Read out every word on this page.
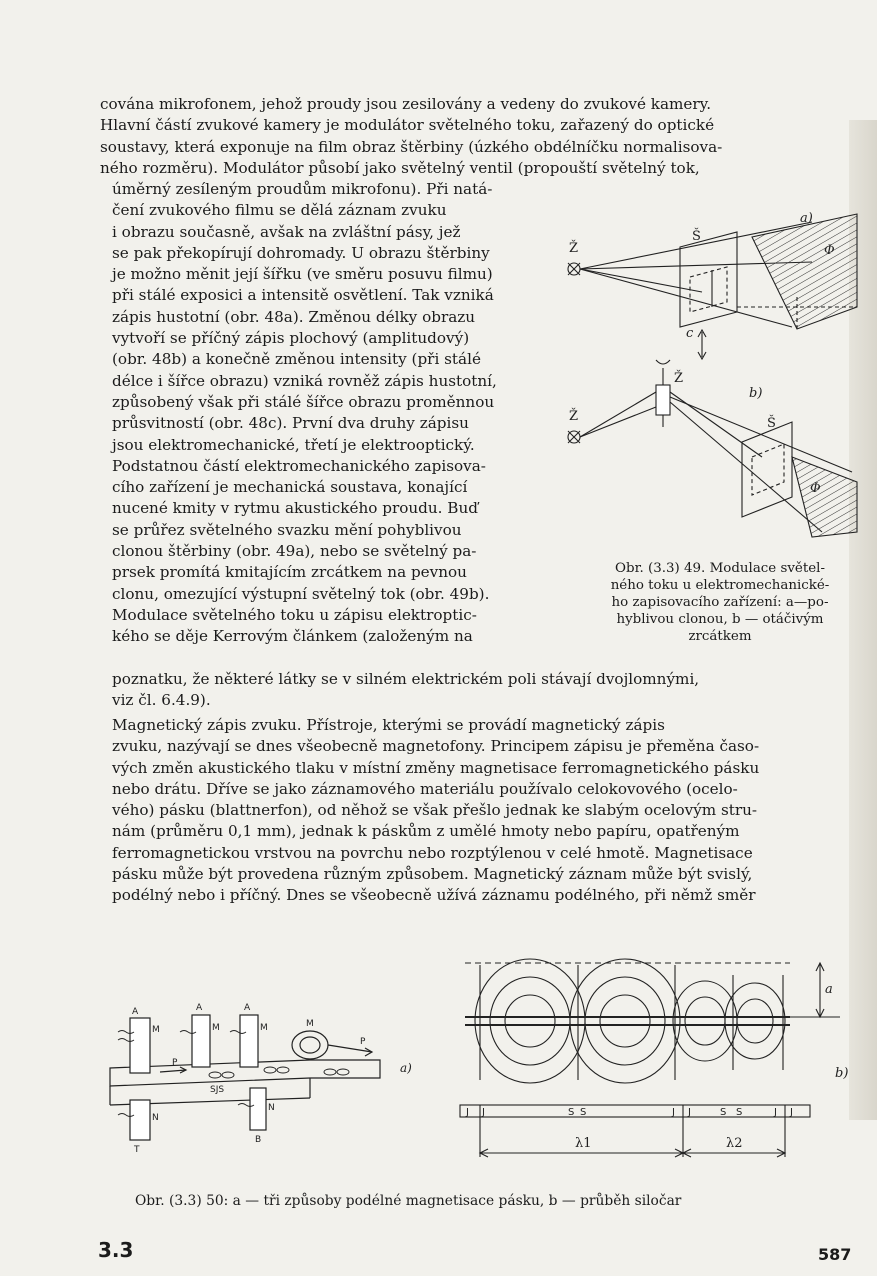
cována mikrofonem, jehož proudy jsou zesilovány a vedeny do zvukové kamery.
Hlavní částí zvukové kamery je modulátor světelného toku, zařazený do optické
soustavy, která exponuje na film obraz štěrbiny (úzkého obdélníčku normalisova-
ného rozměru). Modulátor působí jako světelný ventil (propouští světelný tok,
úměrný zesíleným proudům mikrofonu). Při natá-
čení zvukového filmu se dělá záznam zvuku
i obrazu současně, avšak na zvláštní pásy, jež
se pak překopírují dohromady. U obrazu štěrbiny
je možno měnit její šířku (ve směru posuvu filmu)
při stálé exposici a intensitě osvětlení. Tak vzniká
zápis hustotní (obr. 48a). Změnou délky obrazu
vytvoří se příčný zápis plochový (amplitudový)
(obr. 48b) a konečně změnou intensity (při stálé
délce i šířce obrazu) vzniká rovněž zápis hustotní,
způsobený však při stálé šířce obrazu proměnnou
průsvitností (obr. 48c). První dva druhy zápisu
jsou elektromechanické, třetí je elektrooptický.
Podstatnou částí elektromechanického zapisova-
cího zařízení je mechanická soustava, konající
nucené kmity v rytmu akustického proudu. Buď
se průřez světelného svazku mění pohyblivou
clonou štěrbiny (obr. 49a), nebo se světelný pa-
prsek promítá kmitajícím zrcátkem na pevnou
clonu, omezující výstupní světelný tok (obr. 49b).
Modulace světelného toku u zápisu elektroptic-
kého se děje Kerrovým článkem (založeným na
poznatku, že některé látky se v silném elektrickém poli stávají dvojlomnými,
viz čl. 6.4.9).
Magnetický zápis zvuku. Přístroje, kterými se provádí magnetický zápis
zvuku, nazývají se dnes všeobecně magnetofony. Principem zápisu je přeměna časo-
vých změn akustického tlaku v místní změny magnetisace ferromagnetického pásku
nebo drátu. Dříve se jako záznamového materiálu používalo celokovového (ocelo-
vého) pásku (blattnerfon), od něhož se však přešlo jednak ke slabým ocelovým stru-
nám (průměru 0,1 mm), jednak k páskům z umělé hmoty nebo papíru, opatřeným
ferromagnetickou vrstvou na povrchu nebo rozptýlenou v celé hmotě. Magnetisace
pásku může být provedena různým způsobem. Magnetický záznam může být svislý,
podélný nebo i příčný. Dnes se všeobecně užívá záznamu podélného, při němž směr
a)
Š
Ž	Φ
c
b)
Ž
Š
Ž
Φ
Obr. (3.3) 49. Modulace světel-
ného toku u elektromechanické-
ho zapisovacího zařízení: a—po-
hyblivou clonou, b — otáčivým
zrcátkem
A
M
A
M
A
M	M
P
P
N
N
T
B
SJS
a)
J J	S S	J J	S S	J J
λ1	λ2
a
b)
Obr. (3.3) 50: a — tři způsoby podélné magnetisace pásku, b — průběh siločar
3.3	587
